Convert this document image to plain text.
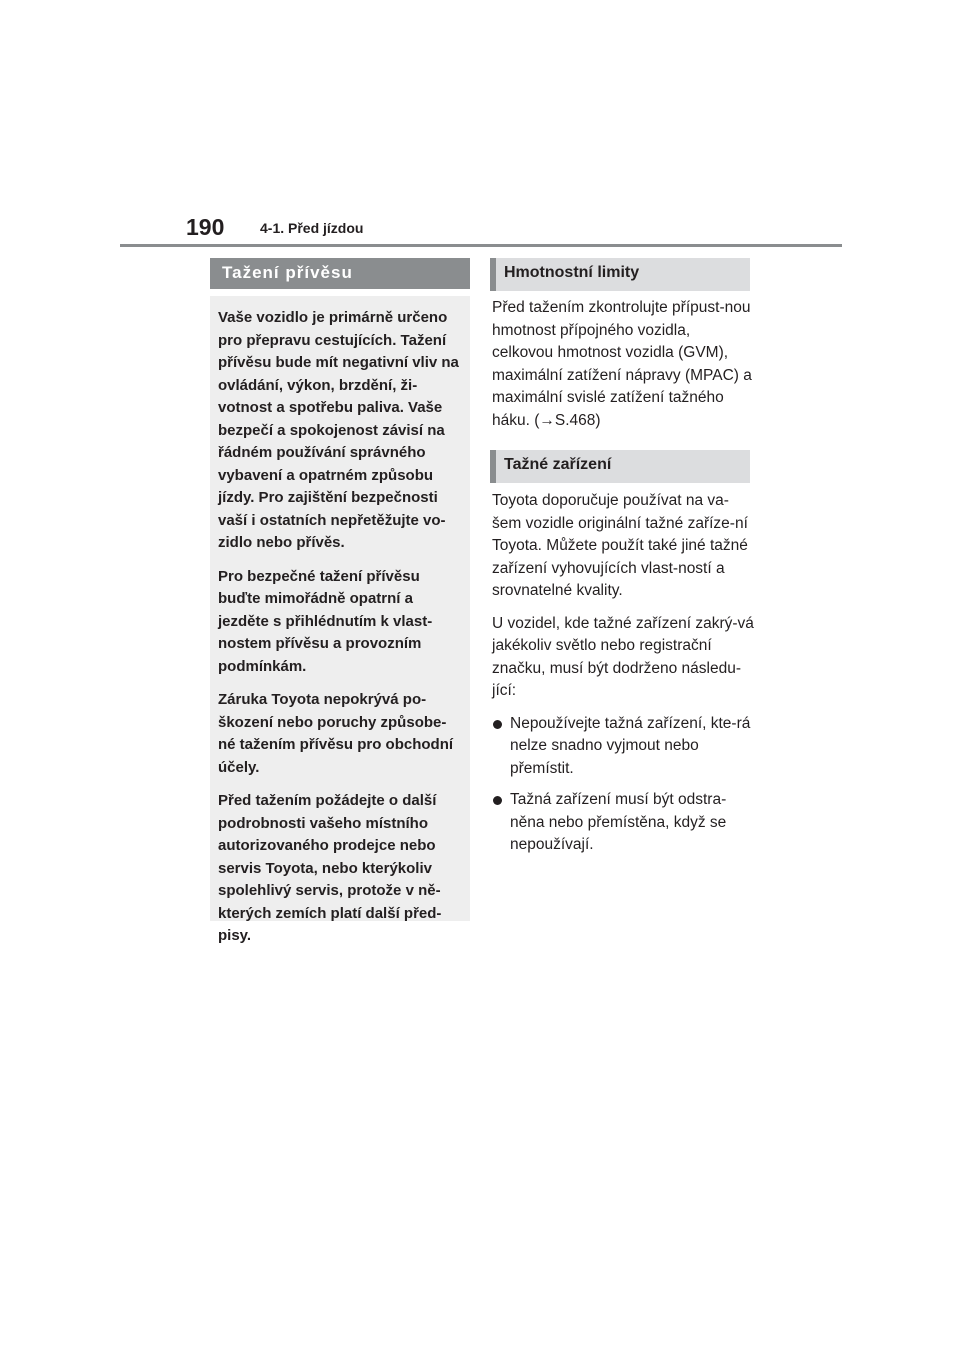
190	4-1. Před jízdou
Tažení přívěsu

Vaše vozidlo je primárně určeno pro přepravu cestujících. Tažení přívěsu bude mít negativní vliv na ovládání, výkon, brzdění, ži-votnost a spotřebu paliva. Vaše bezpečí a spokojenost závisí na řádném používání správného vybavení a opatrném způsobu jízdy. Pro zajištění bezpečnosti vaší i ostatních nepřetěžujte vo-zidlo nebo přívěs.

Pro bezpečné tažení přívěsu buďte mimořádně opatrní a jezděte s přihlédnutím k vlast-nostem přívěsu a provozním podmínkám.

Záruka Toyota nepokrývá po-škození nebo poruchy způsobe-né tažením přívěsu pro obchodní účely.

Před tažením požádejte o další podrobnosti vašeho místního autorizovaného prodejce nebo servis Toyota, nebo kterýkoliv spolehlivý servis, protože v ně-kterých zemích platí další před-pisy.

Hmotnostní limity

Před tažením zkontrolujte přípust-nou hmotnost přípojného vozidla, celkovou hmotnost vozidla (GVM), maximální zatížení nápravy (MPAC) a maximální svislé zatížení tažného háku. (→S.468)

Tažné zařízení

Toyota doporučuje používat na va-šem vozidle originální tažné zaříze-ní Toyota. Můžete použít také jiné tažné zařízení vyhovujících vlast-ností a srovnatelné kvality.

U vozidel, kde tažné zařízení zakrý-vá jakékoliv světlo nebo registrační značku, musí být dodrženo následu-jící:

Nepoužívejte tažná zařízení, kte-rá nelze snadno vyjmout nebo přemístit.
Tažná zařízení musí být odstra-něna nebo přemístěna, když se nepoužívají.
